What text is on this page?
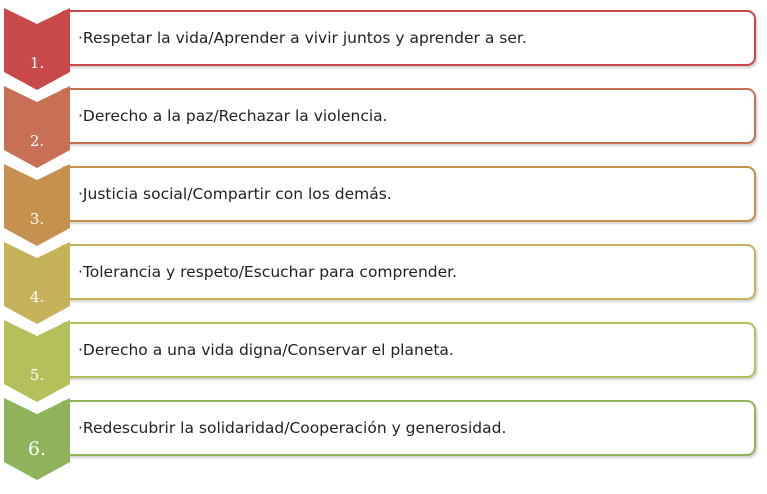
·Respetar la vida/Aprender a vivir juntos y aprender a ser.
1.
·Derecho a la paz/Rechazar la violencia.
2.
·Justicia social/Compartir con los demás.
3.
·Tolerancia y respeto/Escuchar para comprender.
4.
·Derecho a una vida digna/Conservar el planeta.
5.
·Redescubrir la solidaridad/Cooperación y generosidad.
6.
